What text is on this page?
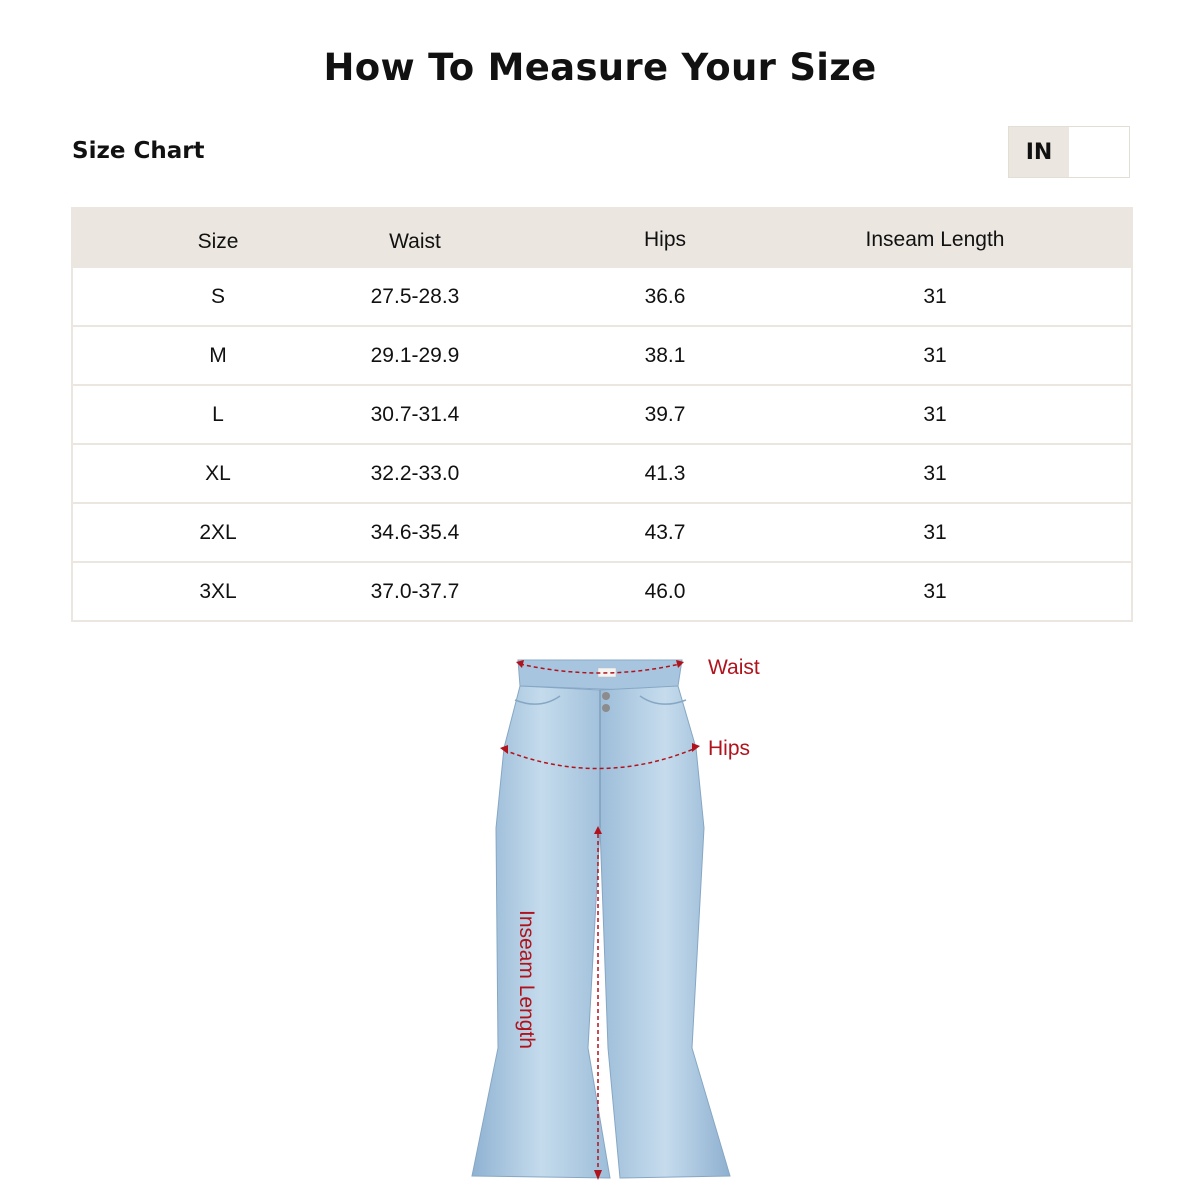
How To Measure Your Size
Size Chart	IN
Size	Waist	Hips	Inseam Length
S	27.5-28.3	36.6	31
M	29.1-29.9	38.1	31
L	30.7-31.4	39.7	31
XL	32.2-33.0	41.3	31
2XL	34.6-35.4	43.7	31
3XL	37.0-37.7	46.0	31
Waist
Hips
Inseam Length
